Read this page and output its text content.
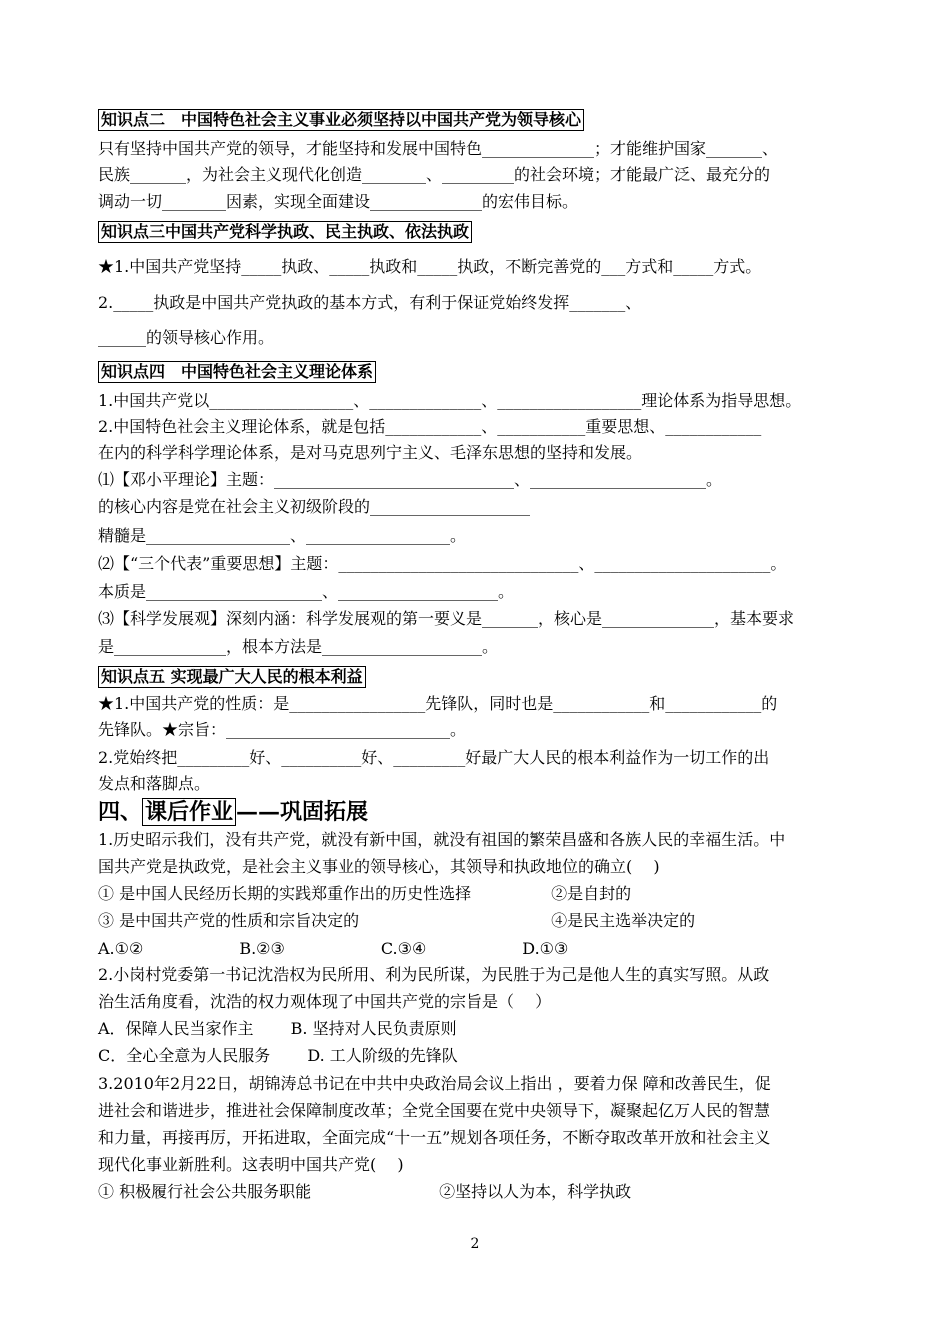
知识点二　中国特色社会主义事业必须坚持以中国共产党为领导核心
只有坚持中国共产党的领导，才能坚持和发展中国特色______________；才能维护国家_______、
民族_______，为社会主义现代化创造________、_________的社会环境；才能最广泛、最充分的
调动一切________因素，实现全面建设______________的宏伟目标。
知识点三中国共产党科学执政、民主执政、依法执政
★1.中国共产党坚持_____执政、_____执政和_____执政，不断完善党的___方式和_____方式。
2._____执政是中国共产党执政的基本方式，有利于保证党始终发挥_______、
______的领导核心作用。
知识点四　中国特色社会主义理论体系
1.中国共产党以__________________、______________、__________________理论体系为指导思想。
2.中国特色社会主义理论体系，就是包括____________、___________重要思想、____________
在内的科学科学理论体系，是对马克思列宁主义、毛泽东思想的坚持和发展。
⑴【邓小平理论】主题：______________________________、______________________。
的核心内容是党在社会主义初级阶段的____________________
精髓是__________________、__________________。
⑵【“三个代表”重要思想】主题：______________________________、______________________。
本质是______________________、____________________。
⑶【科学发展观】深刻内涵：科学发展观的第一要义是_______，核心是______________，基本要求
是______________，根本方法是____________________。
知识点五 实现最广大人民的根本利益
★1.中国共产党的性质：是_________________先锋队，同时也是____________和____________的
先锋队。★宗旨：____________________________。
2.党始终把_________好、__________好、_________好最广大人民的根本利益作为一切工作的出
发点和落脚点。
1.历史昭示我们，没有共产党，就没有新中国，就没有祖国的繁荣昌盛和各族人民的幸福生活。中
国共产党是执政党，是社会主义事业的领导核心，其领导和执政地位的确立(　 )
① 是中国人民经历长期的实践郑重作出的历史性选择　　　　　②是自封的
③ 是中国共产党的性质和宗旨决定的　　　　　　　　　　　　④是民主选举决定的
A.①②　　　　　　B.②③　　　　　　C.③④　　　　　　D.①③
2.小岗村党委第一书记沈浩权为民所用、利为民所谋，为民胜于为己是他人生的真实写照。从政
治生活角度看，沈浩的权力观体现了中国共产党的宗旨是（　 ）
A．保障人民当家作主　　 B. 坚持对人民负责原则
C．全心全意为人民服务　　 D. 工人阶级的先锋队
3.2010年2月22日，胡锦涛总书记在中共中央政治局会议上指出 ，要着力保 障和改善民生，促
进社会和谐进步，推进社会保障制度改革；全党全国要在党中央领导下，凝聚起亿万人民的智慧
和力量，再接再厉，开拓进取，全面完成“十一五”规划各项任务，不断夺取改革开放和社会主义
现代化事业新胜利。这表明中国共产党(　 )
① 积极履行社会公共服务职能　　　　　　　　②坚持以人为本，科学执政
四、 课后作业 ——巩固拓展
2
